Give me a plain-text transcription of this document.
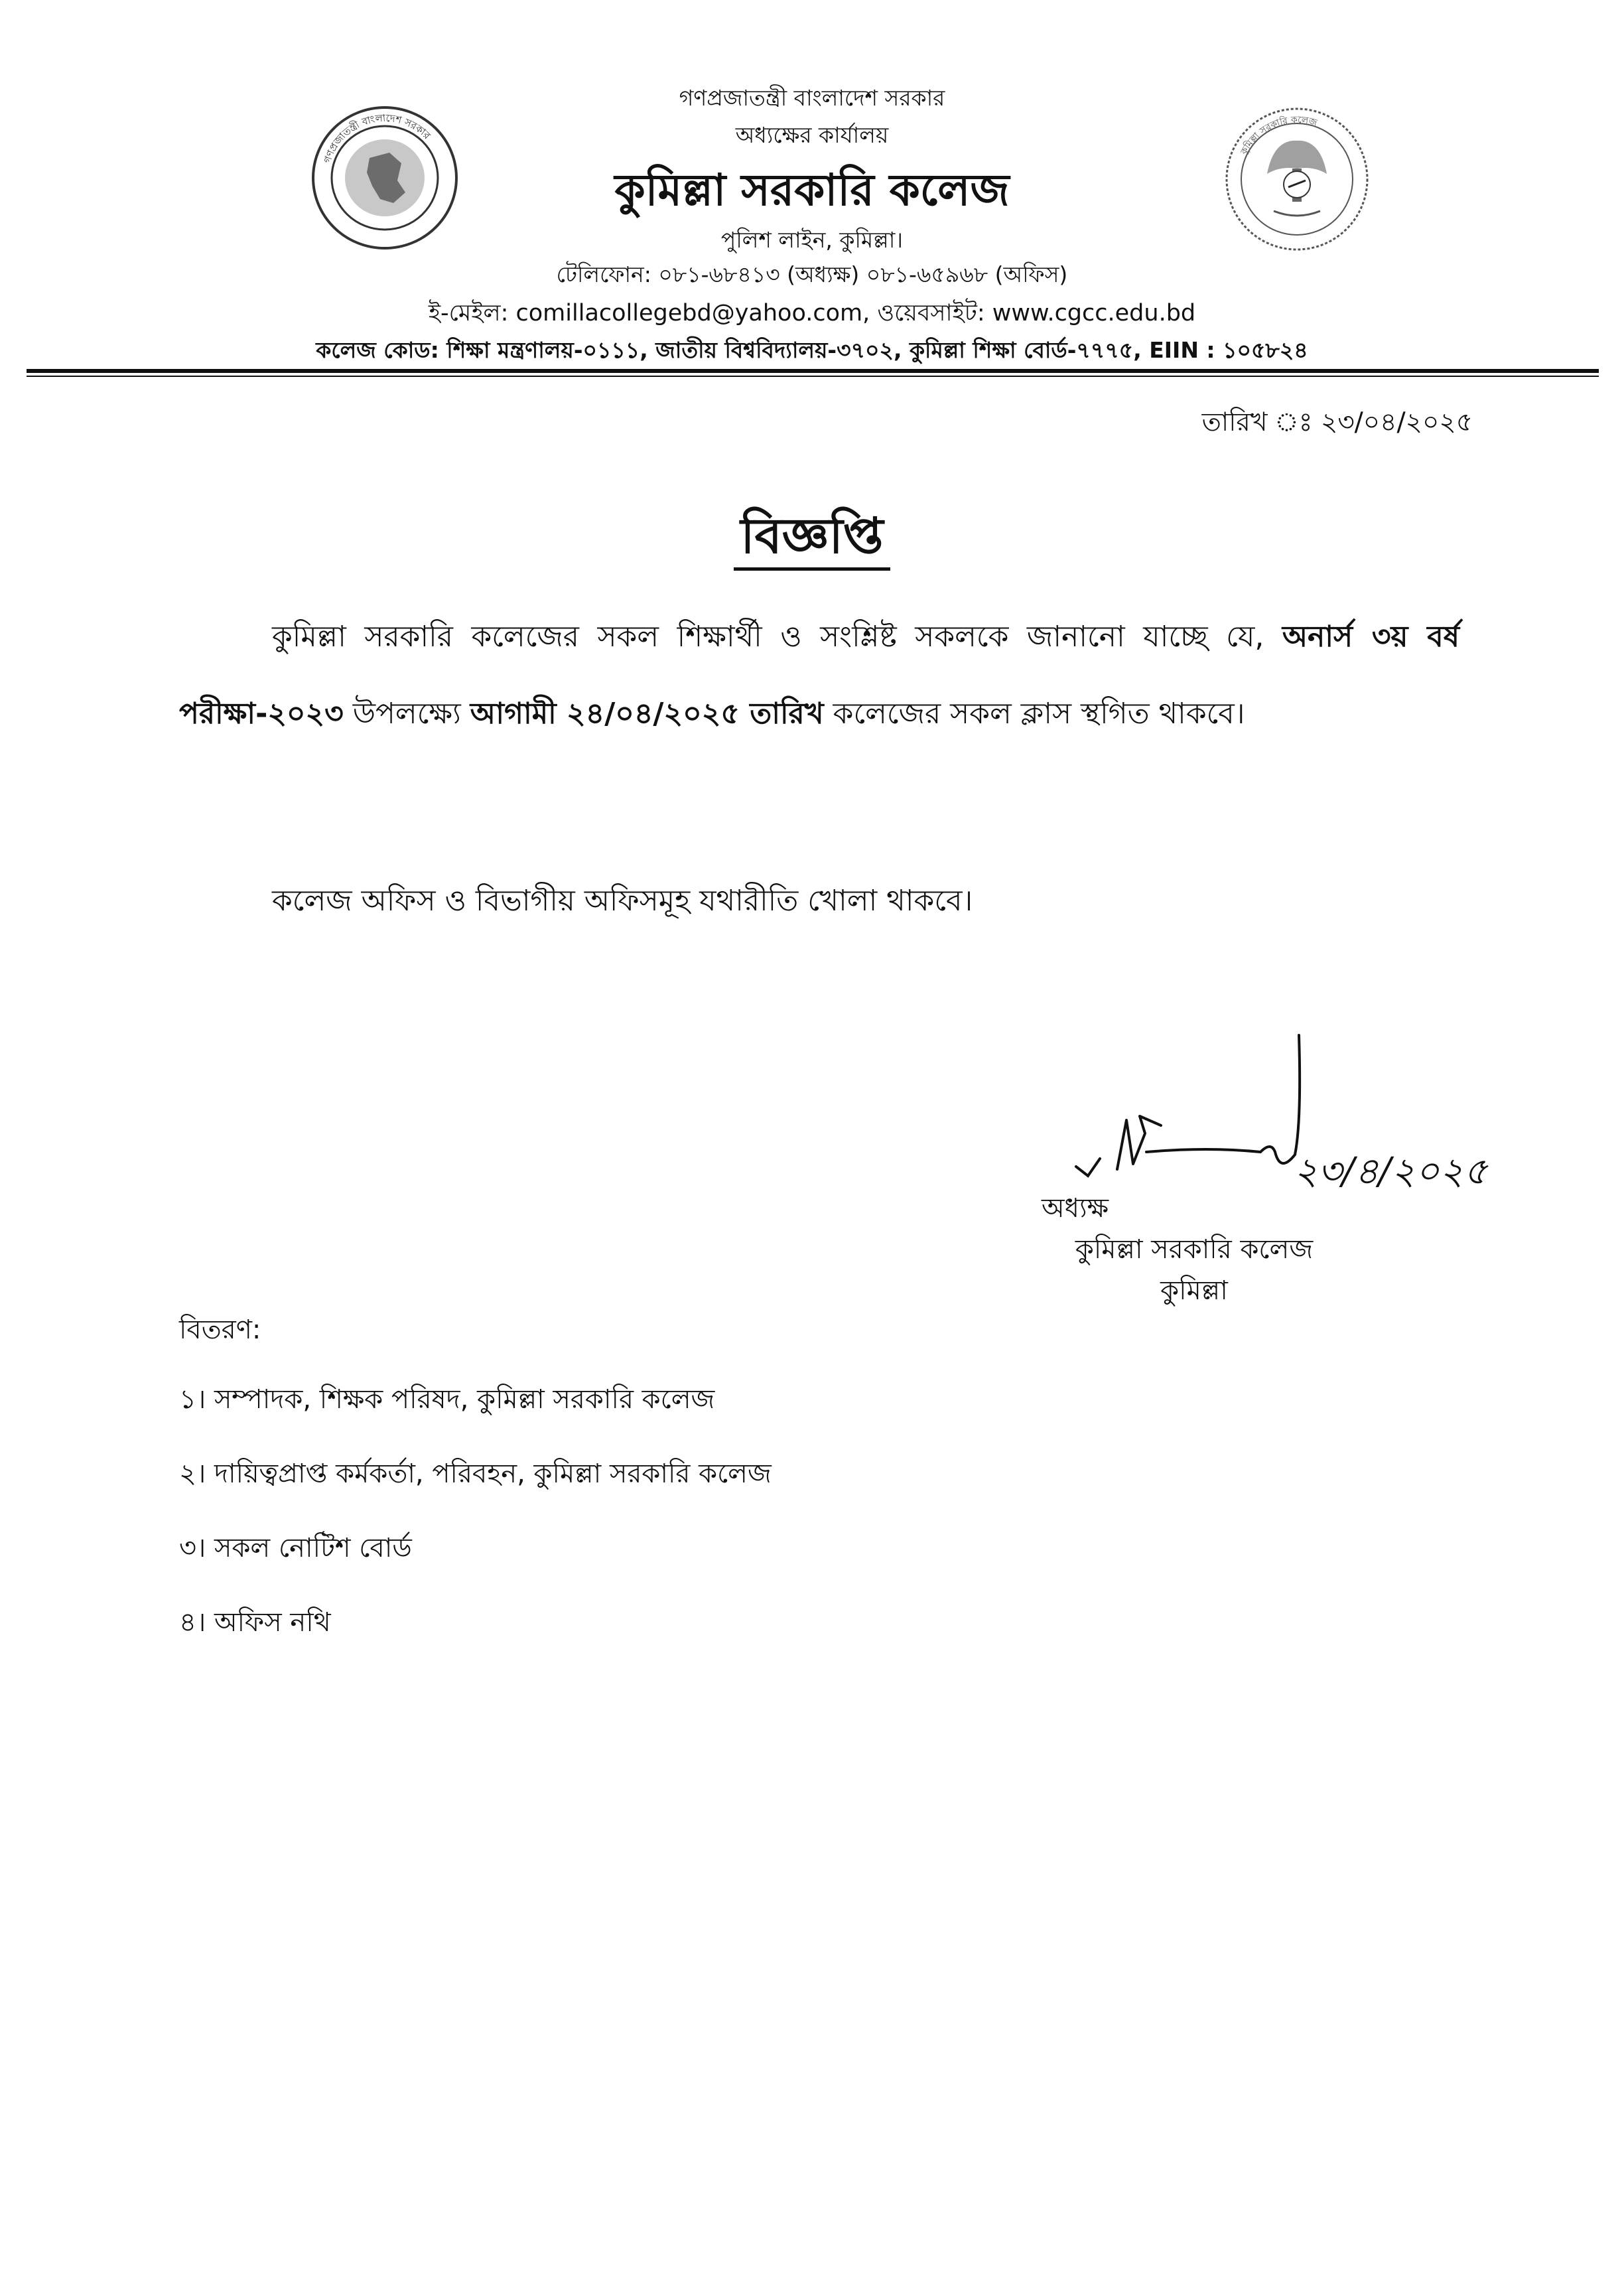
গণপ্রজাতন্ত্রী বাংলাদেশ সরকার
কুমিল্লা সরকারি কলেজ
গণপ্রজাতন্ত্রী বাংলাদেশ সরকার
অধ্যক্ষের কার্যালয়
কুমিল্লা সরকারি কলেজ
পুলিশ লাইন, কুমিল্লা।
টেলিফোন: ০৮১-৬৮৪১৩ (অধ্যক্ষ) ০৮১-৬৫৯৬৮ (অফিস)
ই-মেইল: comillacollegebd@yahoo.com, ওয়েবসাইট: www.cgcc.edu.bd
কলেজ কোড: শিক্ষা মন্ত্রণালয়-০১১১, জাতীয় বিশ্ববিদ্যালয়-৩৭০২, কুমিল্লা শিক্ষা বোর্ড-৭৭৭৫, EIIN : ১০৫৮২৪
তারিখ ঃ ২৩/০৪/২০২৫
বিজ্ঞপ্তি
কুমিল্লা সরকারি কলেজের সকল শিক্ষার্থী ও সংশ্লিষ্ট সকলকে জানানো যাচ্ছে যে, অনার্স ৩য় বর্ষ পরীক্ষা-২০২৩ উপলক্ষ্যে আগামী ২৪/০৪/২০২৫ তারিখ কলেজের সকল ক্লাস স্থগিত থাকবে।
কলেজ অফিস ও বিভাগীয় অফিসমূহ যথারীতি খোলা থাকবে।
২৩/৪/২০২৫
অধ্যক্ষ
কুমিল্লা সরকারি কলেজ
কুমিল্লা
বিতরণ:
১। সম্পাদক, শিক্ষক পরিষদ, কুমিল্লা সরকারি কলেজ
২। দায়িত্বপ্রাপ্ত কর্মকর্তা, পরিবহন, কুমিল্লা সরকারি কলেজ
৩। সকল নোটিশ বোর্ড
৪। অফিস নথি
